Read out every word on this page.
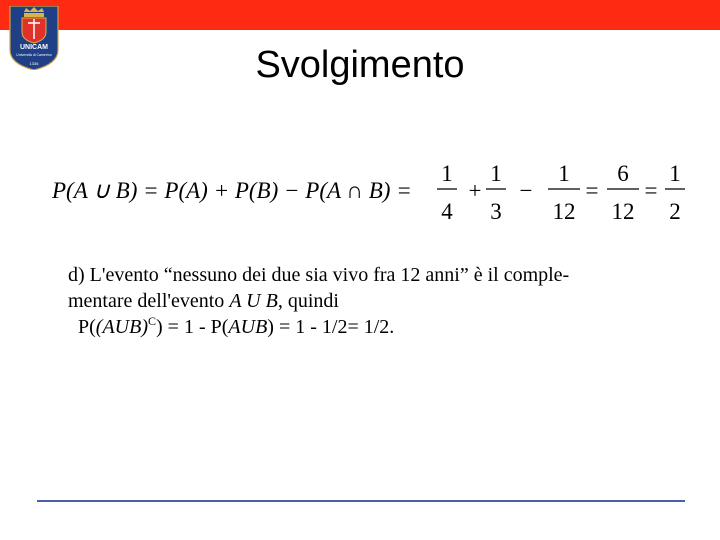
UNICAM
Università di Camerino
1336	Svolgimento
P(A ∪ B) = P(A) + P(B) − P(A ∩ B) =
1
4
+
1
3
−
1
12
=
6
12
=
1
2

d) L'evento “nessuno dei due sia vivo fra 12 anni” è il comple-

mentare dell'evento A U B, quindi

P((AUB)$^C$) = 1 - P(AUB) = 1 - 1/2= 1/2.
